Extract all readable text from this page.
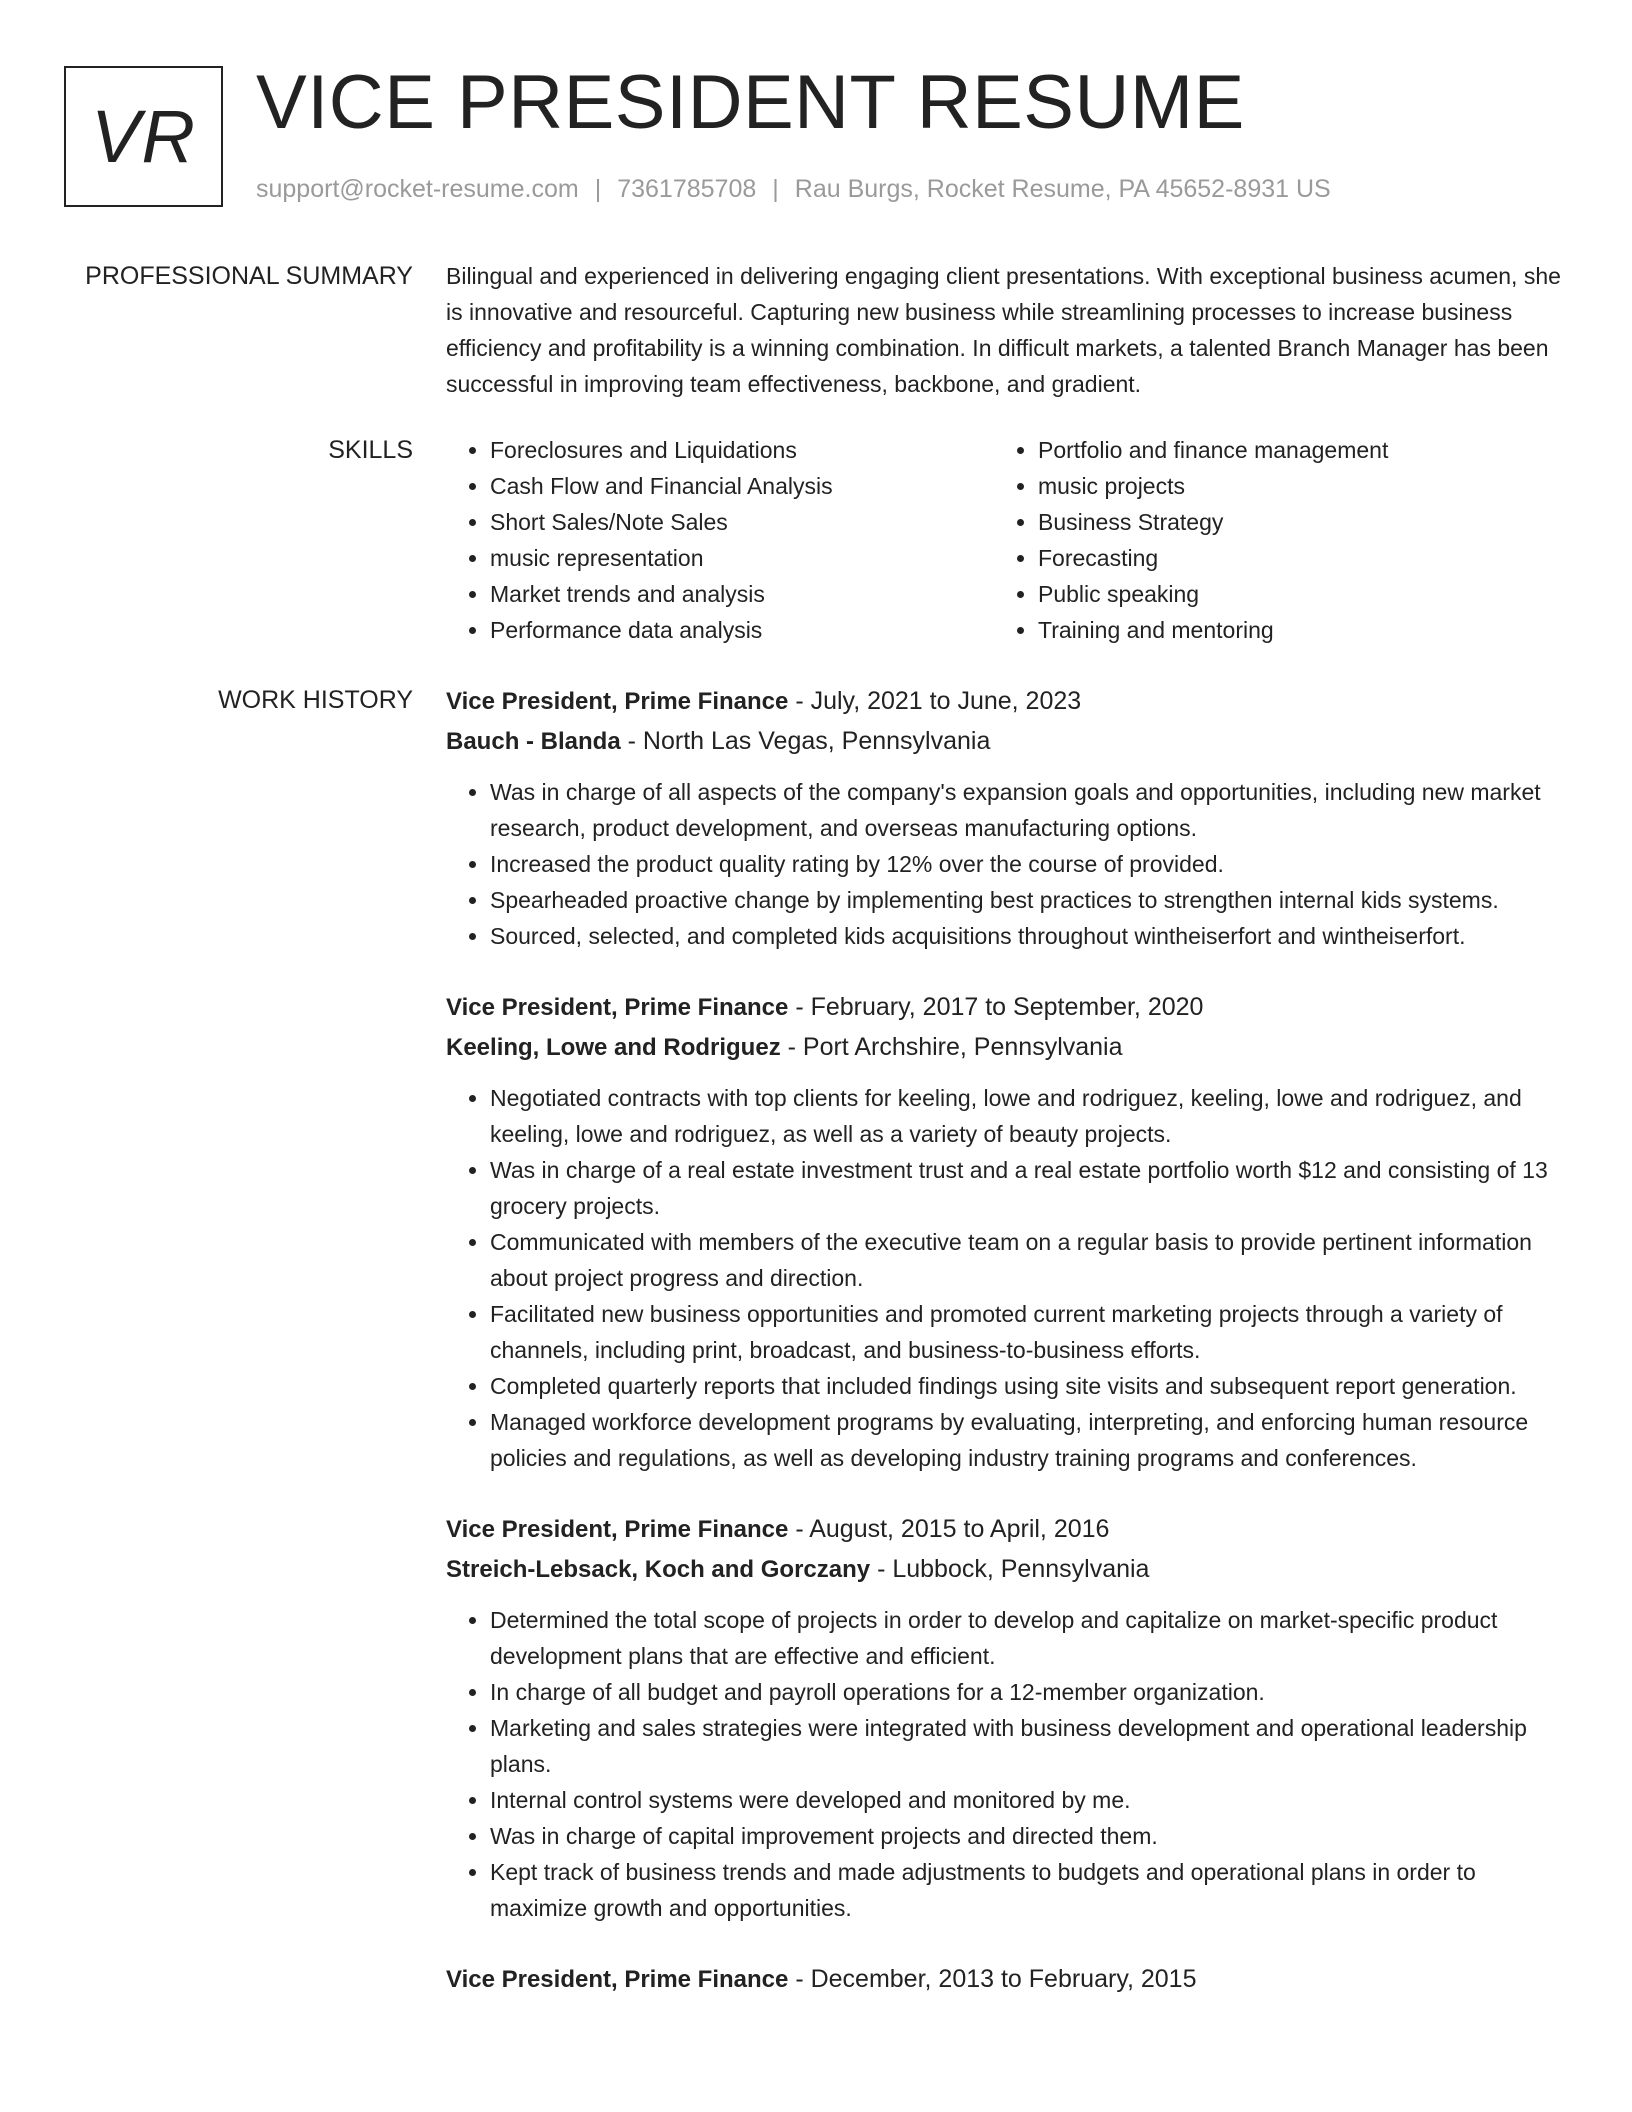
VR VICE PRESIDENT RESUME
support@rocket-resume.com | 7361785708 | Rau Burgs, Rocket Resume, PA 45652-8931 US
PROFESSIONAL SUMMARY Bilingual and experienced in delivering engaging client presentations. With exceptional business acumen, she is innovative and resourceful. Capturing new business while streamlining processes to increase business efficiency and profitability is a winning combination. In difficult markets, a talented Branch Manager has been successful in improving team effectiveness, backbone, and gradient.

SKILLS
•	Foreclosures and Liquidations
• Cash Flow and Financial Analysis
• Short Sales/Note Sales
• music representation
• Market trends and analysis
• Performance data analysis
• Portfolio and finance management
• music projects
• Business Strategy
• Forecasting
• Public speaking
• Training and mentoring
WORK HISTORY Vice President, Prime Finance - July, 2021 to June, 2023
Bauch - Blanda - North Las Vegas, Pennsylvania
• Was in charge of all aspects of the company's expansion goals and opportunities, including new market research, product development, and overseas manufacturing options.
• Increased the product quality rating by 12% over the course of provided.
• Spearheaded proactive change by implementing best practices to strengthen internal kids systems.
• Sourced, selected, and completed kids acquisitions throughout wintheiserfort and wintheiserfort.
Vice President, Prime Finance - February, 2017 to September, 2020
Keeling, Lowe and Rodriguez - Port Archshire, Pennsylvania
• Negotiated contracts with top clients for keeling, lowe and rodriguez, keeling, lowe and rodriguez, and keeling, lowe and rodriguez, as well as a variety of beauty projects.
• Was in charge of a real estate investment trust and a real estate portfolio worth $12 and consisting of 13 grocery projects.
• Communicated with members of the executive team on a regular basis to provide pertinent information about project progress and direction.
• Facilitated new business opportunities and promoted current marketing projects through a variety of channels, including print, broadcast, and business-to-business efforts.
• Completed quarterly reports that included findings using site visits and subsequent report generation.
• Managed workforce development programs by evaluating, interpreting, and enforcing human resource policies and regulations, as well as developing industry training programs and conferences.
Vice President, Prime Finance - August, 2015 to April, 2016
Streich-Lebsack, Koch and Gorczany - Lubbock, Pennsylvania
• Determined the total scope of projects in order to develop and capitalize on market-specific product development plans that are effective and efficient.
• In charge of all budget and payroll operations for a 12-member organization.
• Marketing and sales strategies were integrated with business development and operational leadership plans.
• Internal control systems were developed and monitored by me.
• Was in charge of capital improvement projects and directed them.
• Kept track of business trends and made adjustments to budgets and operational plans in order to maximize growth and opportunities.
Vice President, Prime Finance - December, 2013 to February, 2015
